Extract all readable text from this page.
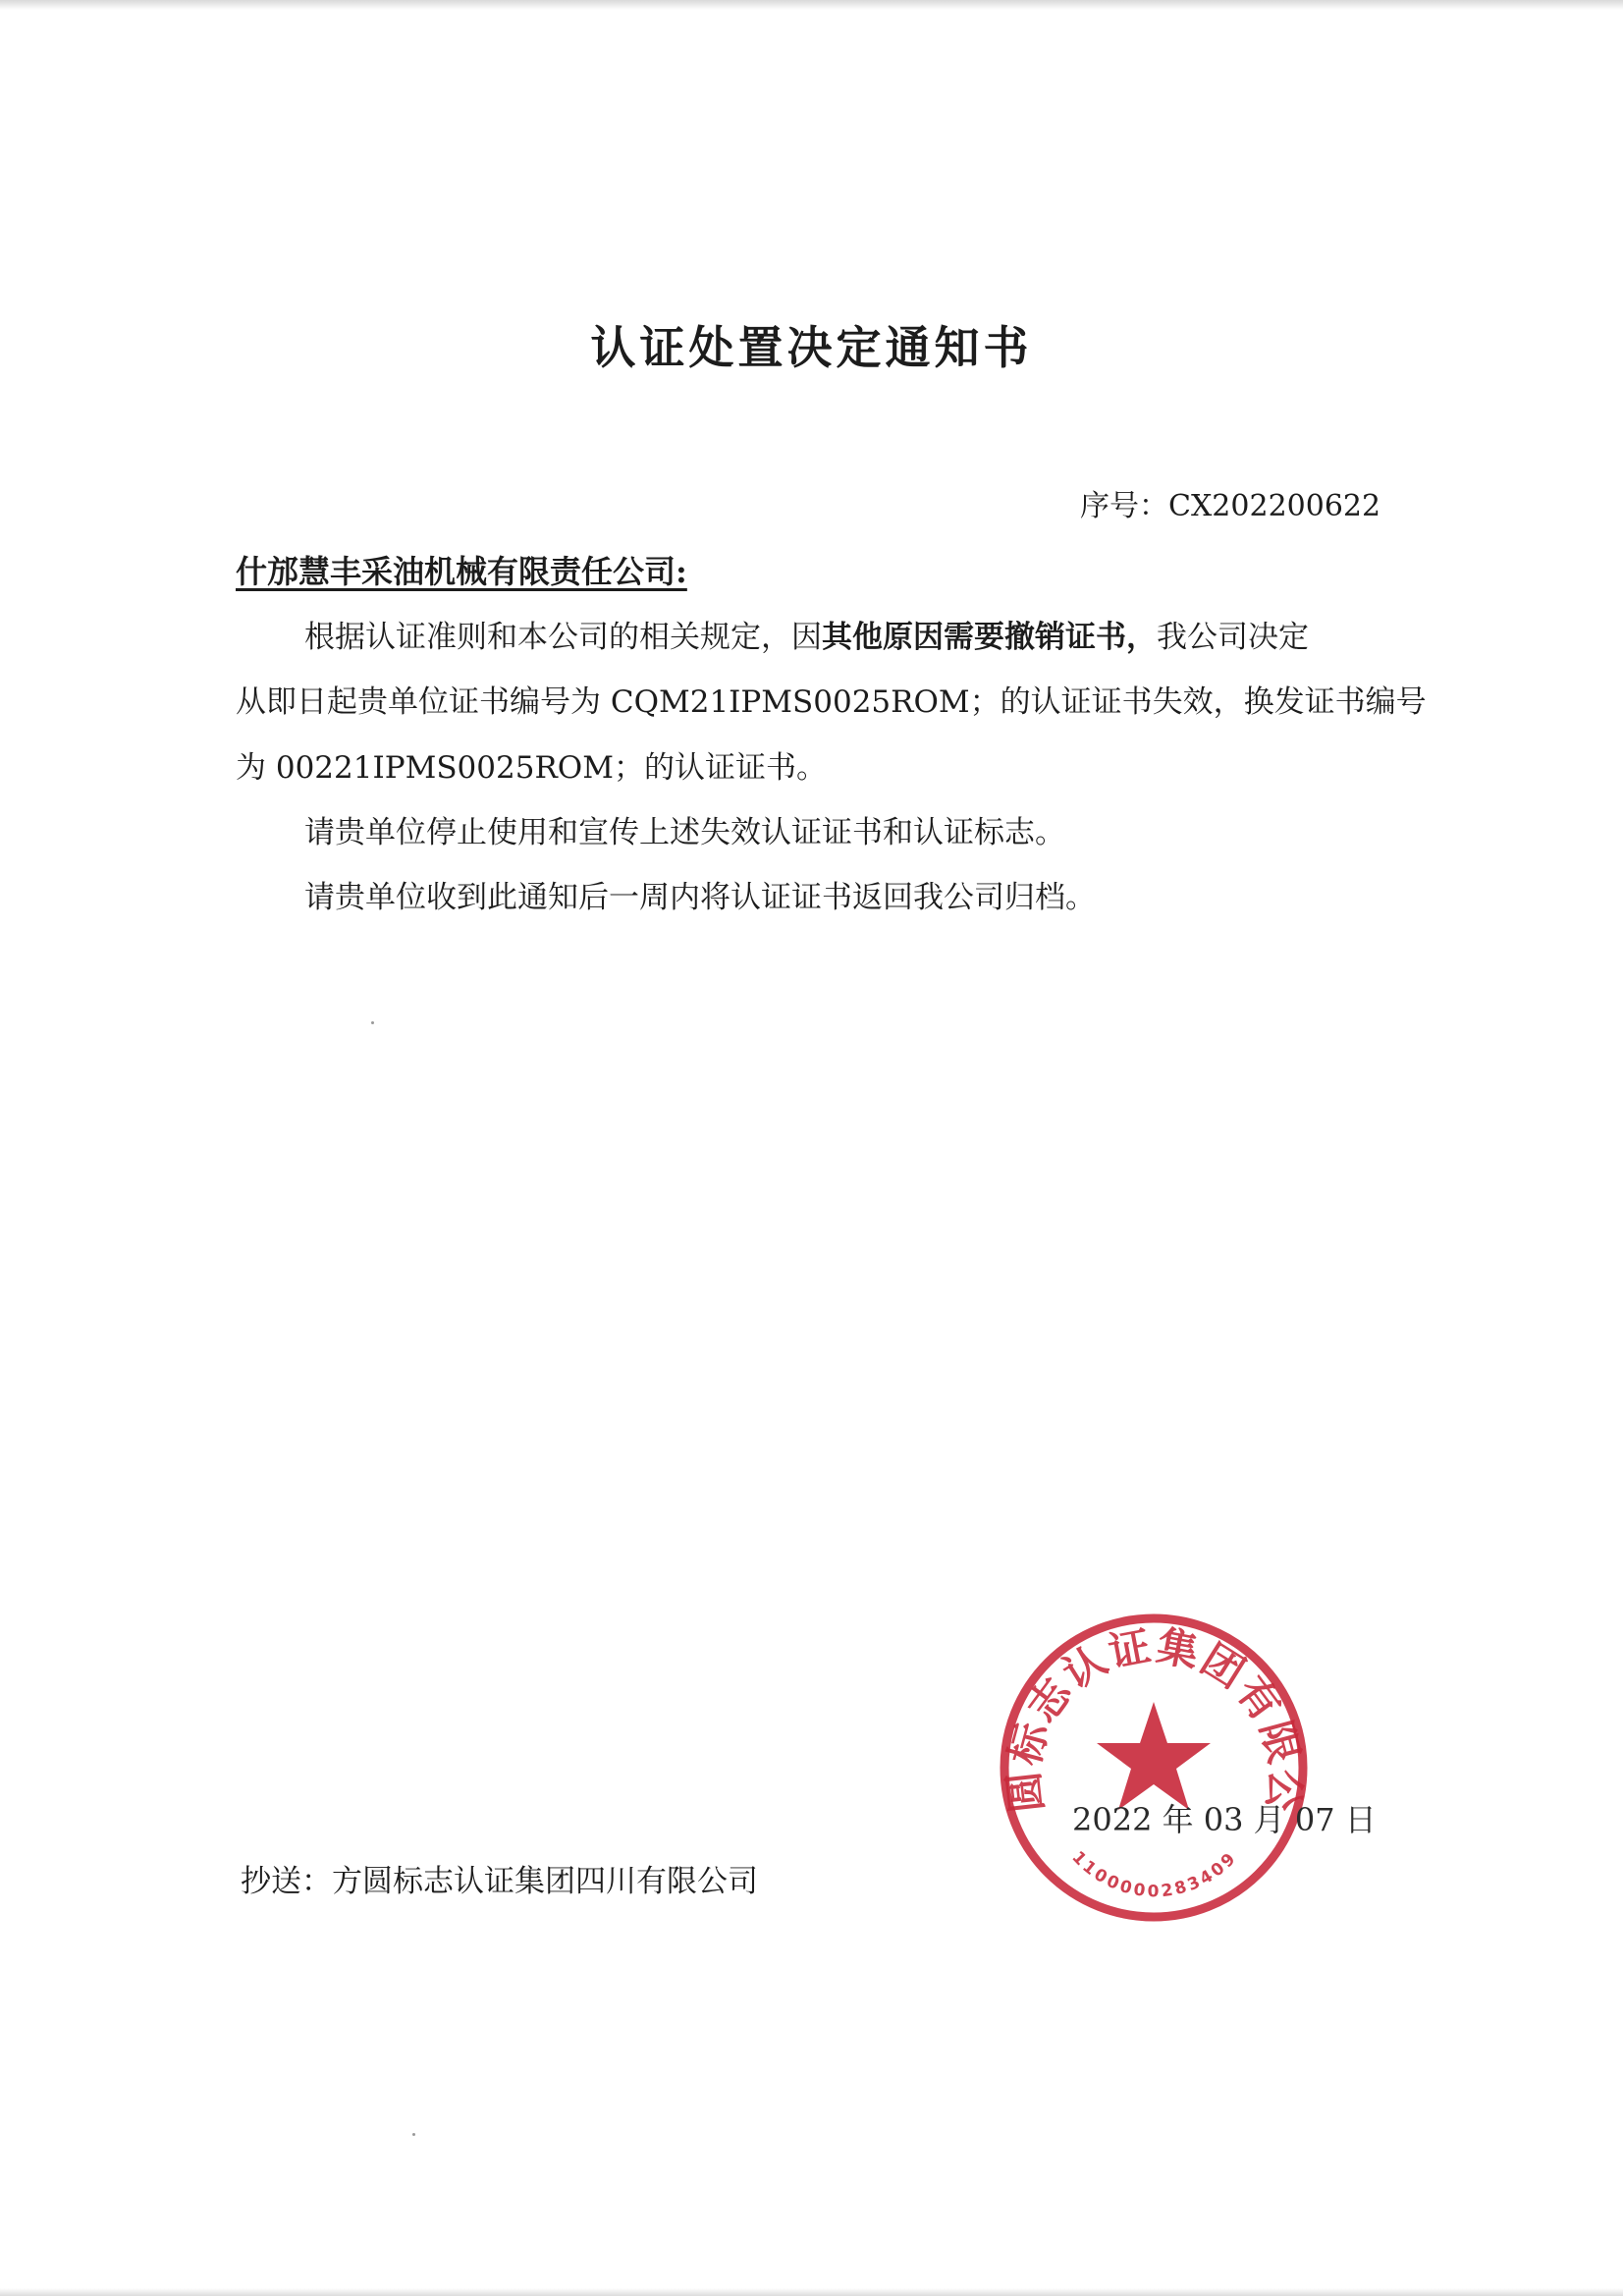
认证处置决定通知书
序号：CX202200622
什邡慧丰采油机械有限责任公司:
根据认证准则和本公司的相关规定，因其他原因需要撤销证书，我公司决定
从即日起贵单位证书编号为 CQM21IPMS0025ROM；的认证证书失效，换发证书编号
为 00221IPMS0025ROM；的认证证书。
请贵单位停止使用和宣传上述失效认证证书和认证标志。
请贵单位收到此通知后一周内将认证证书返回我公司归档。
抄送：方圆标志认证集团四川有限公司
圆标志认证集团有限公
1100000283409
2022 年 03 月 07 日
